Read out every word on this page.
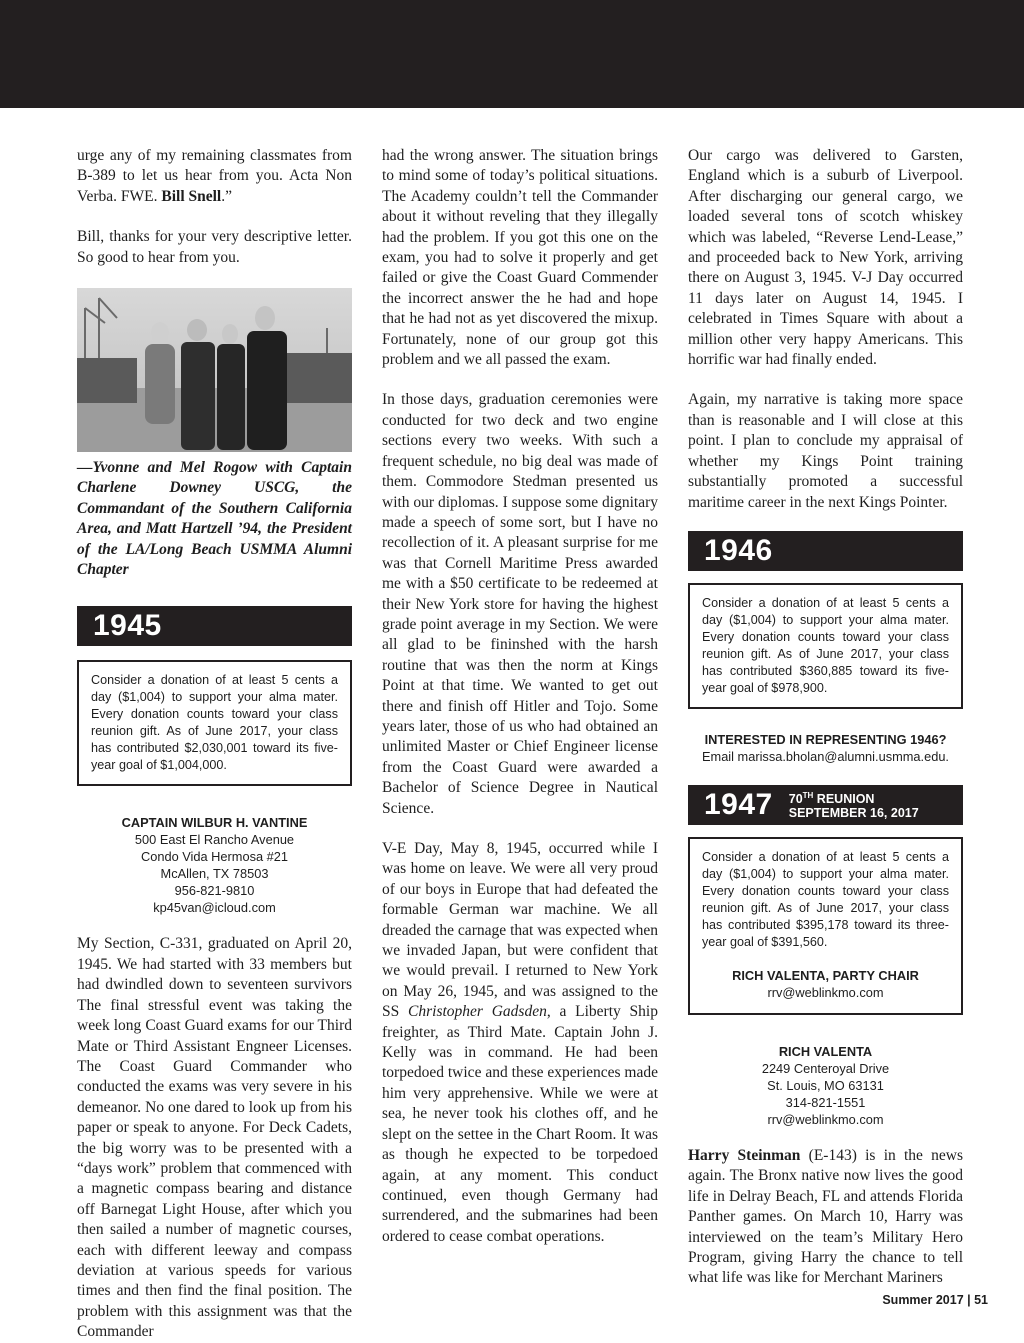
urge any of my remaining classmates from B-389 to let us hear from you. Acta Non Verba. FWE. Bill Snell.”

Bill, thanks for your very descriptive letter. So good to hear from you.

—Yvonne and Mel Rogow with Captain Charlene Downey USCG, the Commandant of the Southern California Area, and Matt Hartzell ’94, the President of the LA/Long Beach USMMA Alumni Chapter

1945
Consider a donation of at least 5 cents a day ($1,004) to support your alma mater. Every donation counts toward your class reunion gift. As of June 2017, your class has contributed $2,030,001 toward its five-year goal of $1,004,000.
CAPTAIN WILBUR H. VANTINE
500 East El Rancho Avenue
Condo Vida Hermosa #21
McAllen, TX 78503
956-821-9810
kp45van@icloud.com

My Section, C-331, graduated on April 20, 1945. We had started with 33 members but had dwindled down to seventeen survivors The final stressful event was taking the week long Coast Guard exams for our Third Mate or Third Assistant Engneer Licenses. The Coast Guard Commander who conducted the exams was very severe in his demeanor. No one dared to look up from his paper or speak to anyone. For Deck Cadets, the big worry was to be presented with a “days work” problem that commenced with a magnetic compass bearing and distance off Barnegat Light House, after which you then sailed a number of magnetic courses, each with different leeway and compass deviation at various speeds for various times and then find the final position. The problem with this assignment was that the Commander

had the wrong answer. The situation brings to mind some of today’s political situations. The Academy couldn’t tell the Commander about it without reveling that they illegally had the problem. If you got this one on the exam, you had to solve it properly and get failed or give the Coast Guard Commender the incorrect answer the he had and hope that he had not as yet discovered the mixup. Fortunately, none of our group got this problem and we all passed the exam.

In those days, graduation ceremonies were conducted for two deck and two engine sections every two weeks. With such a frequent schedule, no big deal was made of them. Commodore Stedman presented us with our diplomas. I suppose some dignitary made a speech of some sort, but I have no recollection of it. A pleasant surprise for me was that Cornell Maritime Press awarded me with a $50 certificate to be redeemed at their New York store for having the highest grade point average in my Section. We were all glad to be fininshed with the harsh routine that was then the norm at Kings Point at that time. We wanted to get out there and finish off Hitler and Tojo. Some years later, those of us who had obtained an unlimited Master or Chief Engineer license from the Coast Guard were awarded a Bachelor of Science Degree in Nautical Science.

V-E Day, May 8, 1945, occurred while I was home on leave. We were all very proud of our boys in Europe that had defeated the formable German war machine. We all dreaded the carnage that was expected when we invaded Japan, but were confident that we would prevail. I returned to New York on May 26, 1945, and was assigned to the SS Christopher Gadsden, a Liberty Ship freighter, as Third Mate. Captain John J. Kelly was in command. He had been torpedoed twice and these experiences made him very apprehensive. While we were at sea, he never took his clothes off, and he slept on the settee in the Chart Room. It was as though he expected to be torpedoed again, at any moment. This conduct continued, even though Germany had surrendered, and the submarines had been ordered to cease combat operations.

Our cargo was delivered to Garsten, England which is a suburb of Liverpool. After discharging our general cargo, we loaded several tons of scotch whiskey which was labeled, “Reverse Lend-Lease,” and proceeded back to New York, arriving there on August 3, 1945. V-J Day occurred 11 days later on August 14, 1945. I celebrated in Times Square with about a million other very happy Americans. This horrific war had finally ended.

Again, my narrative is taking more space than is reasonable and I will close at this point. I plan to conclude my appraisal of whether my Kings Point training substantially promoted a successful maritime career in the next Kings Pointer.

1946
Consider a donation of at least 5 cents a day ($1,004) to support your alma mater. Every donation counts toward your class reunion gift. As of June 2017, your class has contributed $360,885 toward its five-year goal of $978,900.
INTERESTED IN REPRESENTING 1946?
Email marissa.bholan@alumni.usmma.edu.
1947 70TH REUNION
SEPTEMBER 16, 2017
Consider a donation of at least 5 cents a day ($1,004) to support your alma mater. Every donation counts toward your class reunion gift. As of June 2017, your class has contributed $395,178 toward its three-year goal of $391,560.
RICH VALENTA, PARTY CHAIR
rrv@weblinkmo.com
RICH VALENTA
2249 Centeroyal Drive
St. Louis, MO 63131
314-821-1551
rrv@weblinkmo.com

Harry Steinman (E-143) is in the news again. The Bronx native now lives the good life in Delray Beach, FL and attends Florida Panther games. On March 10, Harry was interviewed on the team’s Military Hero Program, giving Harry the chance to tell what life was like for Merchant Mariners

Summer 2017 | 51
